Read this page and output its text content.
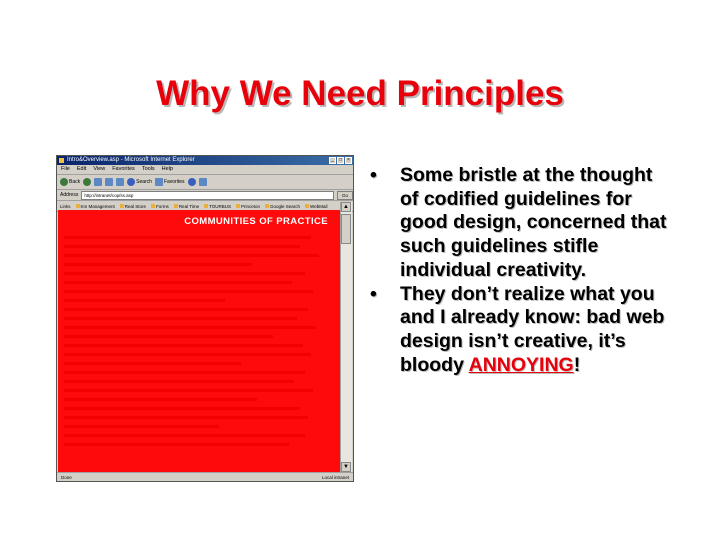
Why We Need Principles
Intro&Overview.asp - Microsoft Internet Explorer	_	□	×
File Edit View Favorites Tools Help
Back	Search Favorites
Address	http://intranet/cop/ss.asp	Go
Links	Km Management	Real Store	Forms	Real Time	TOURBUS	Princeton	Google Search	WebMail
COMMUNITIES OF PRACTICE
▲
▼
Done	Local intranet
• Some bristle at the thought of codified guidelines for good design, concerned that such guidelines stifle individual creativity.
• They don’t realize what you and I already know: bad web design isn’t creative, it’s bloody ANNOYING!
